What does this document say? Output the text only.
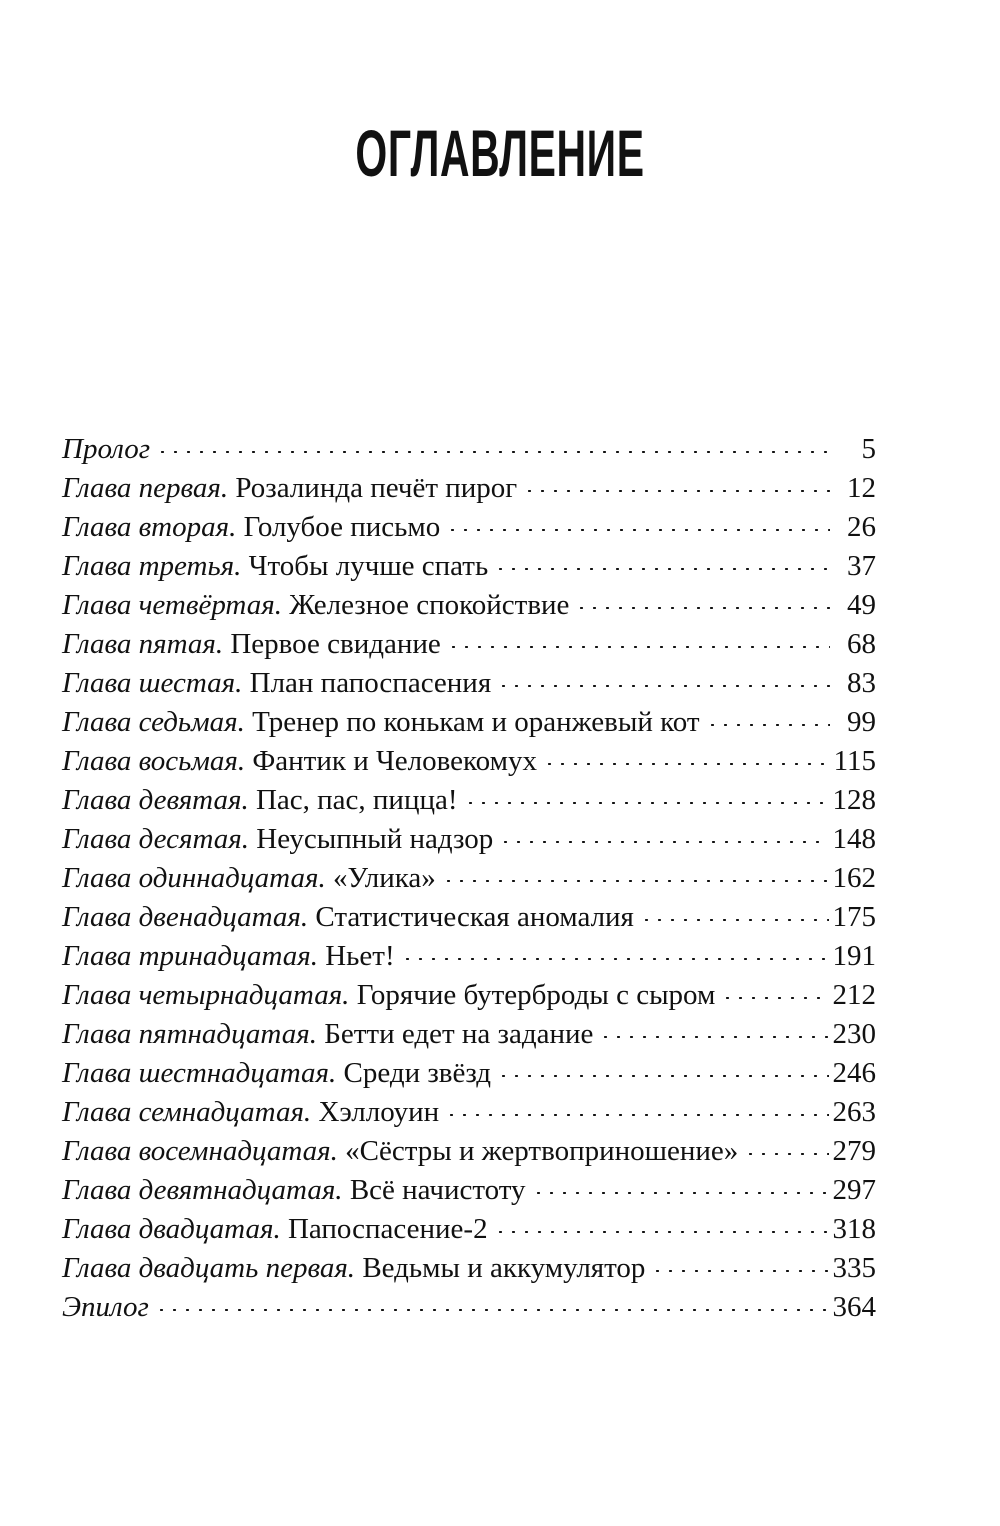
ОГЛАВЛЕНИЕ
Пролог	5
Глава первая.
Розалинда печёт пирог	12
Глава вторая.
Голубое письмо	26
Глава третья.
Чтобы лучше спать	37
Глава четвёртая.
Железное спокойствие	49
Глава пятая.
Первое свидание	68
Глава шестая.
План папоспасения	83
Глава седьмая.
Тренер по конькам и оранжевый кот	99
Глава восьмая.
Фантик и Человекомух	115
Глава девятая.
Пас, пас, пицца!	128
Глава десятая.
Неусыпный надзор	148
Глава одиннадцатая.
«Улика»	162
Глава двенадцатая.
Статистическая аномалия	175
Глава тринадцатая.
Ньет!	191
Глава четырнадцатая.
Горячие бутерброды с сыром	212
Глава пятнадцатая.
Бетти едет на задание	230
Глава шестнадцатая.
Среди звёзд	246
Глава семнадцатая.
Хэллоуин	263
Глава восемнадцатая.
«Сёстры и жертвоприношение»	279
Глава девятнадцатая.
Всё начистоту	297
Глава двадцатая.
Папоспасение-2	318
Глава двадцать первая.
Ведьмы и аккумулятор	335
Эпилог	364
